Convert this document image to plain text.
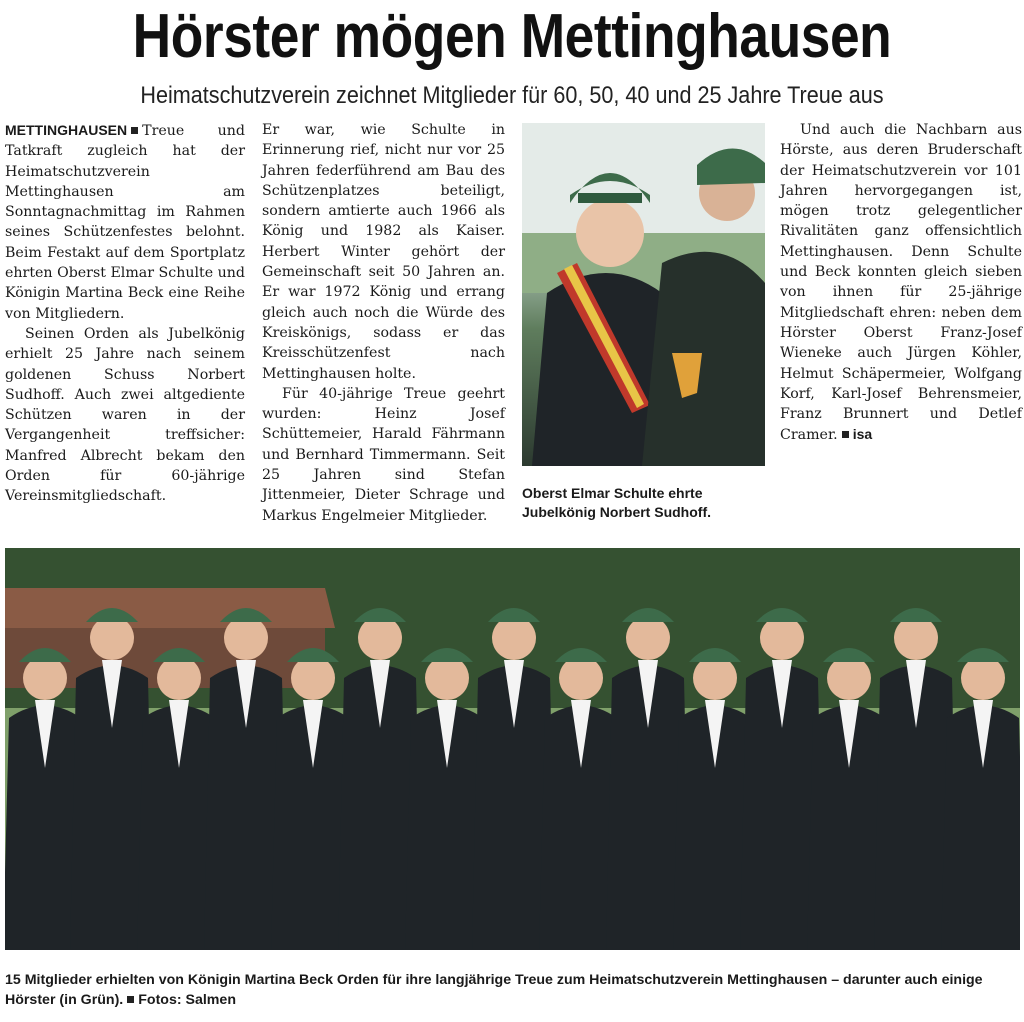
Hörster mögen Mettinghausen
Heimatschutzverein zeichnet Mitglieder für 60, 50, 40 und 25 Jahre Treue aus

METTINGHAUSEN Treue und Tatkraft zugleich hat der Heimatschutzverein Mettinghausen am Sonntagnachmittag im Rahmen seines Schützenfestes belohnt. Beim Festakt auf dem Sportplatz ehrten Oberst Elmar Schulte und Königin Martina Beck eine Reihe von Mitgliedern.

Seinen Orden als Jubelkönig erhielt 25 Jahre nach seinem goldenen Schuss Norbert Sudhoff. Auch zwei altgediente Schützen waren in der Vergangenheit treffsicher: Manfred Albrecht bekam den Orden für 60-jährige Vereinsmitgliedschaft.

Er war, wie Schulte in Erinnerung rief, nicht nur vor 25 Jahren federführend am Bau des Schützenplatzes beteiligt, sondern amtierte auch 1966 als König und 1982 als Kaiser. Herbert Winter gehört der Gemeinschaft seit 50 Jahren an. Er war 1972 König und errang gleich auch noch die Würde des Kreiskönigs, sodass er das Kreisschützenfest nach Mettinghausen holte.

Für 40-jährige Treue geehrt wurden: Heinz Josef Schüttemeier, Harald Fährmann und Bernhard Timmermann. Seit 25 Jahren sind Stefan Jittenmeier, Dieter Schrage und Markus Engelmeier Mitglieder.

Oberst Elmar Schulte ehrte Jubelkönig Norbert Sudhoff.

Und auch die Nachbarn aus Hörste, aus deren Bruderschaft der Heimatschutzverein vor 101 Jahren hervorgegangen ist, mögen trotz gelegentlicher Rivalitäten ganz offensichtlich Mettinghausen. Denn Schulte und Beck konnten gleich sieben von ihnen für 25-jährige Mitgliedschaft ehren: neben dem Hörster Oberst Franz-Josef Wieneke auch Jürgen Köhler, Helmut Schäpermeier, Wolfgang Korf, Karl-Josef Behrensmeier, Franz Brunnert und Detlef Cramer. isa

15 Mitglieder erhielten von Königin Martina Beck Orden für ihre langjährige Treue zum Heimatschutzverein Mettinghausen – darunter auch einige Hörster (in Grün). Fotos: Salmen
